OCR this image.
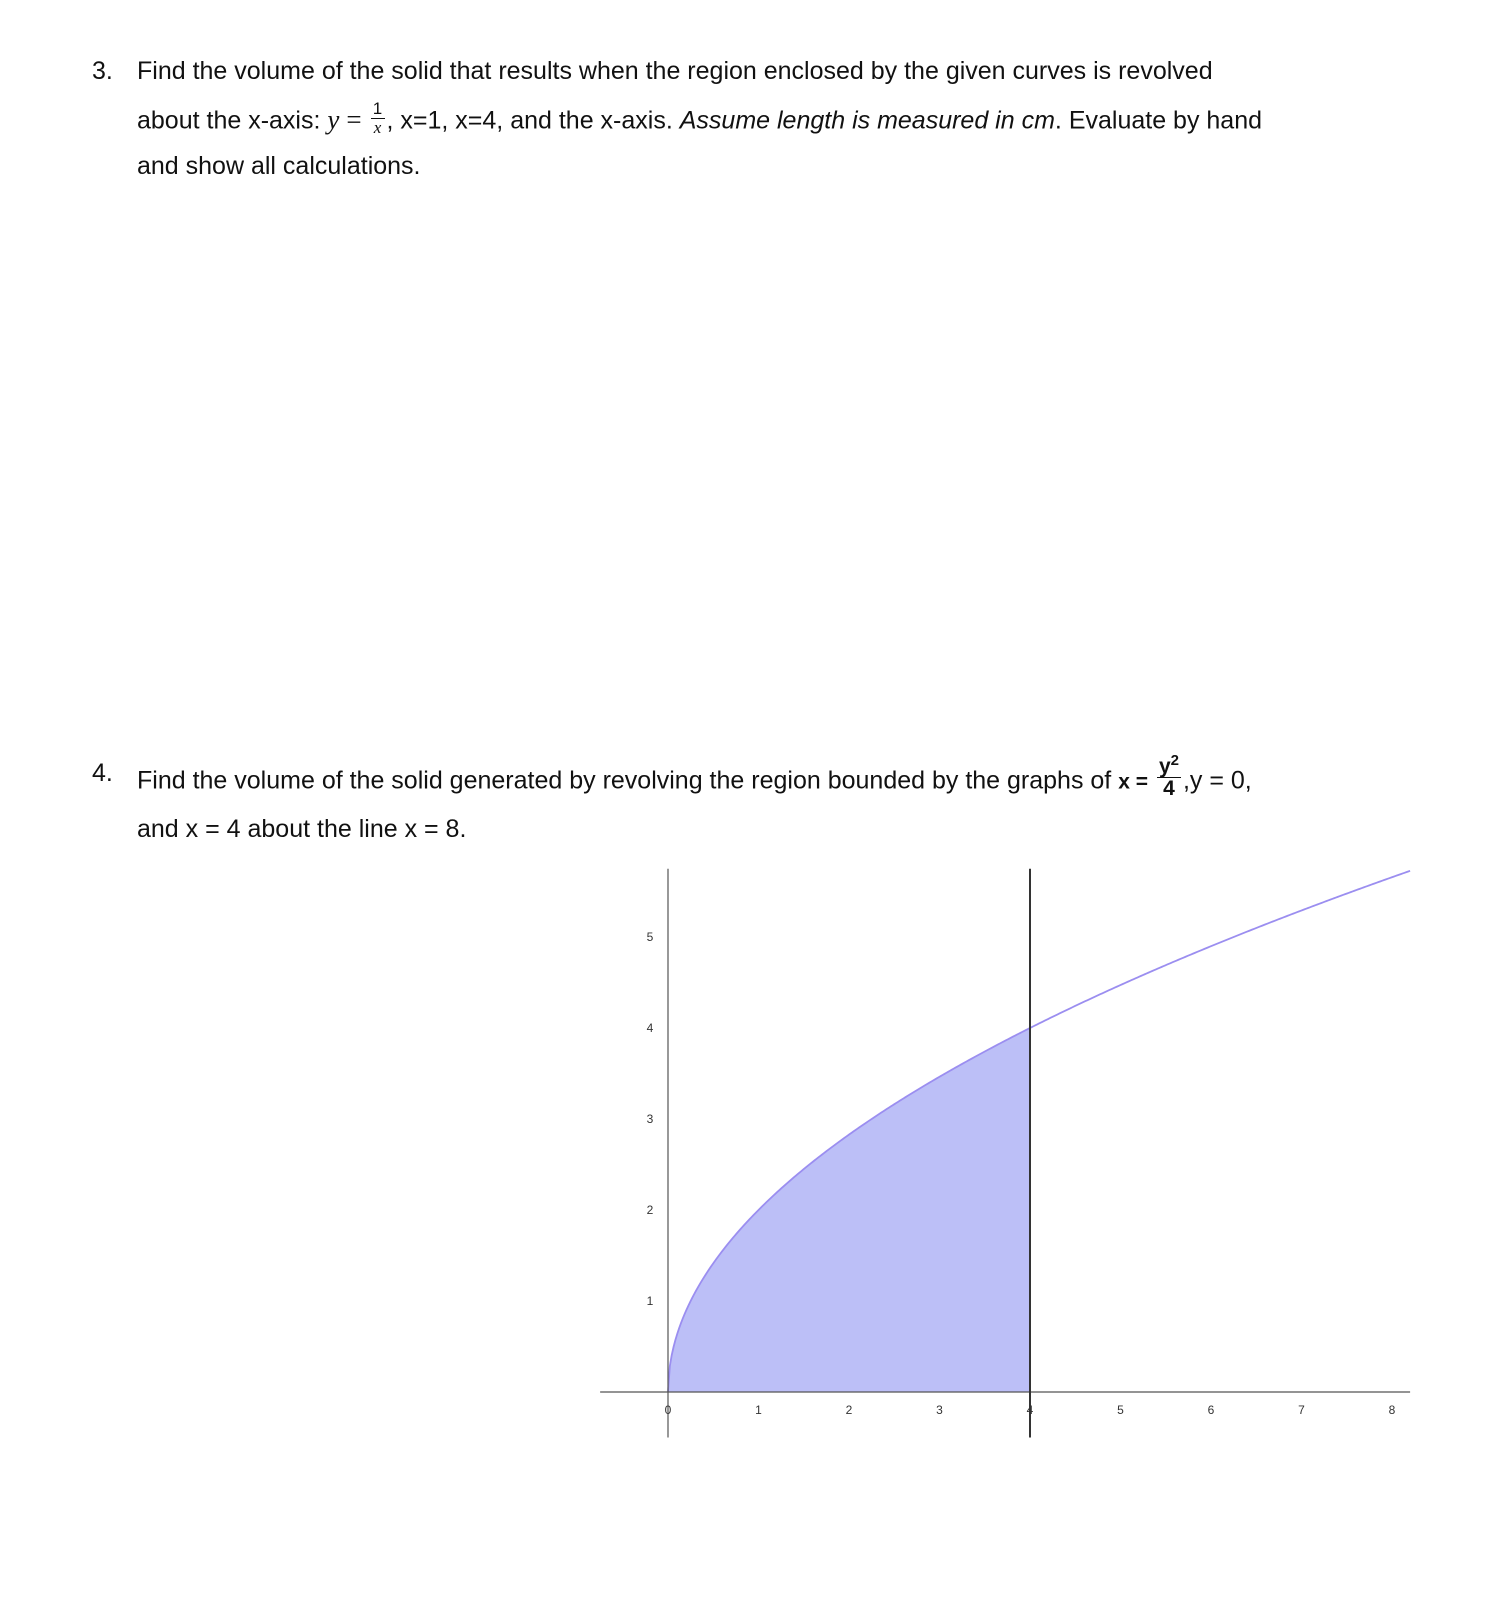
3. Find the volume of the solid that results when the region enclosed by the given curves is revolved
about the x-axis: $y = \frac{1}{x}$ , x=1, x=4, and the x-axis. Assume length is measured in cm. Evaluate by hand
and show all calculations.
4. Find the volume of the solid generated by revolving the region bounded by the graphs of $x = \frac{y^2}{4} ,y = 0$,
and x = 4 about the line x = 8.
0	1	2	3	4	5	6	7	8
1
2
3
4
5
